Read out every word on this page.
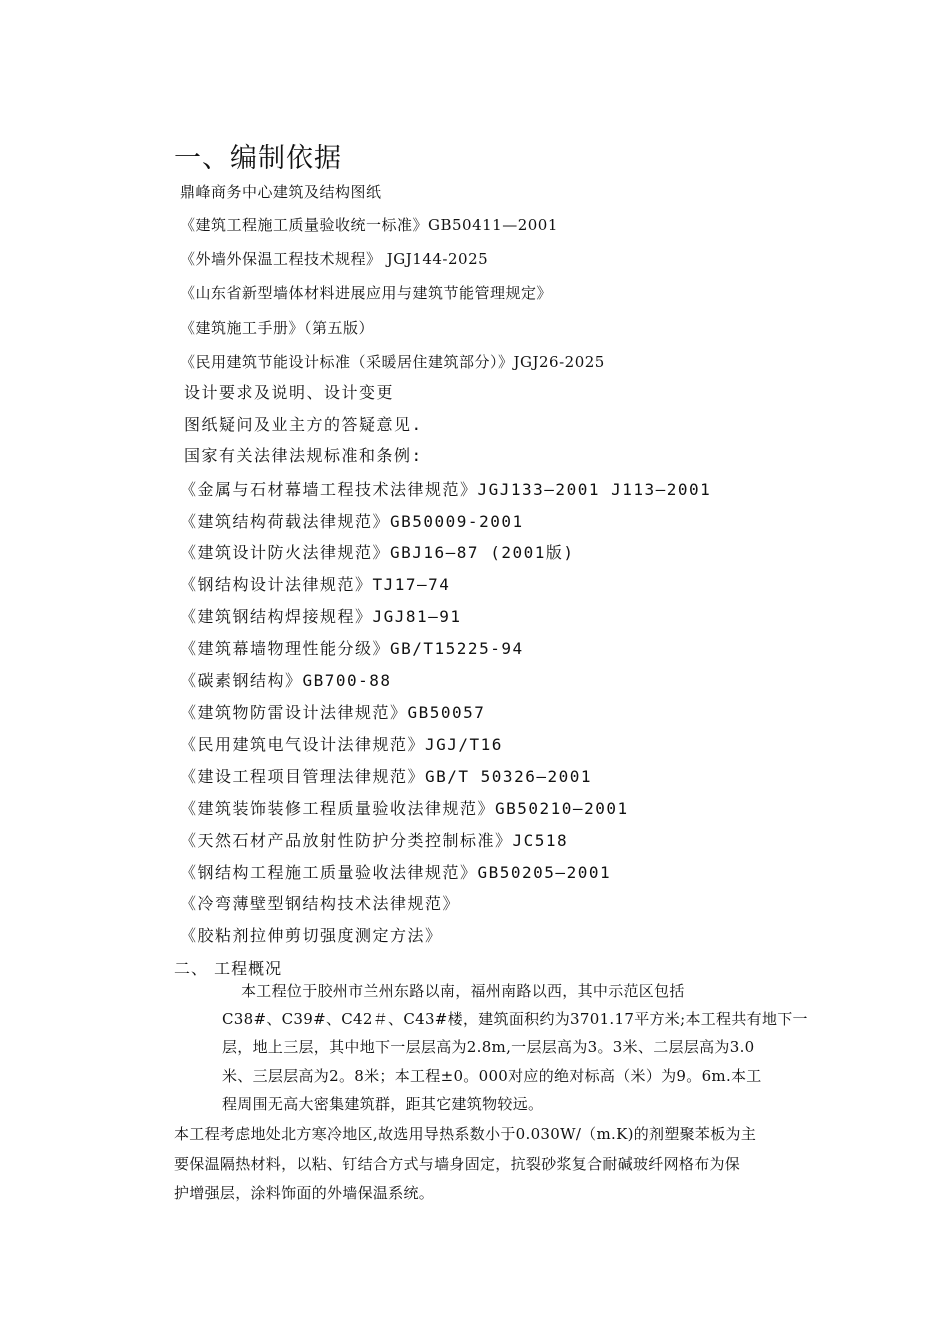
一、编制依据
鼎峰商务中心建筑及结构图纸
《建筑工程施工质量验收统一标准》GB50411—2001
《外墙外保温工程技术规程》 JGJ144-2025
《山东省新型墙体材料进展应用与建筑节能管理规定》
《建筑施工手册》（第五版）
《民用建筑节能设计标准（采暖居住建筑部分）》JGJ26-2025
设计要求及说明、设计变更
图纸疑问及业主方的答疑意见.
国家有关法律法规标准和条例:
《金属与石材幕墙工程技术法律规范》JGJ133—2001 J113—2001
《建筑结构荷载法律规范》GB50009-2001
《建筑设计防火法律规范》GBJ16—87 (2001版)
《钢结构设计法律规范》TJ17—74
《建筑钢结构焊接规程》JGJ81—91
《建筑幕墙物理性能分级》GB/T15225-94
《碳素钢结构》GB700-88
《建筑物防雷设计法律规范》GB50057
《民用建筑电气设计法律规范》JGJ/T16
《建设工程项目管理法律规范》GB/T 50326—2001
《建筑装饰装修工程质量验收法律规范》GB50210—2001
《天然石材产品放射性防护分类控制标准》JC518
《钢结构工程施工质量验收法律规范》GB50205—2001
《冷弯薄壁型钢结构技术法律规范》
《胶粘剂拉伸剪切强度测定方法》
二、 工程概况
本工程位于胶州市兰州东路以南，福州南路以西，其中示范区包括
C38#、C39#、C42＃、C43#楼，建筑面积约为3701.17平方米;本工程共有地下一
层，地上三层，其中地下一层层高为2.8m,一层层高为3。3米、二层层高为3.0
米、三层层高为2。8米；本工程±0。000对应的绝对标高（米）为9。6m.本工
程周围无高大密集建筑群，距其它建筑物较远。
本工程考虑地处北方寒冷地区,故选用导热系数小于0.030W/（m.K)的剂塑聚苯板为主
要保温隔热材料，以粘、钉结合方式与墙身固定，抗裂砂浆复合耐碱玻纤网格布为保
护增强层，涂料饰面的外墙保温系统。
